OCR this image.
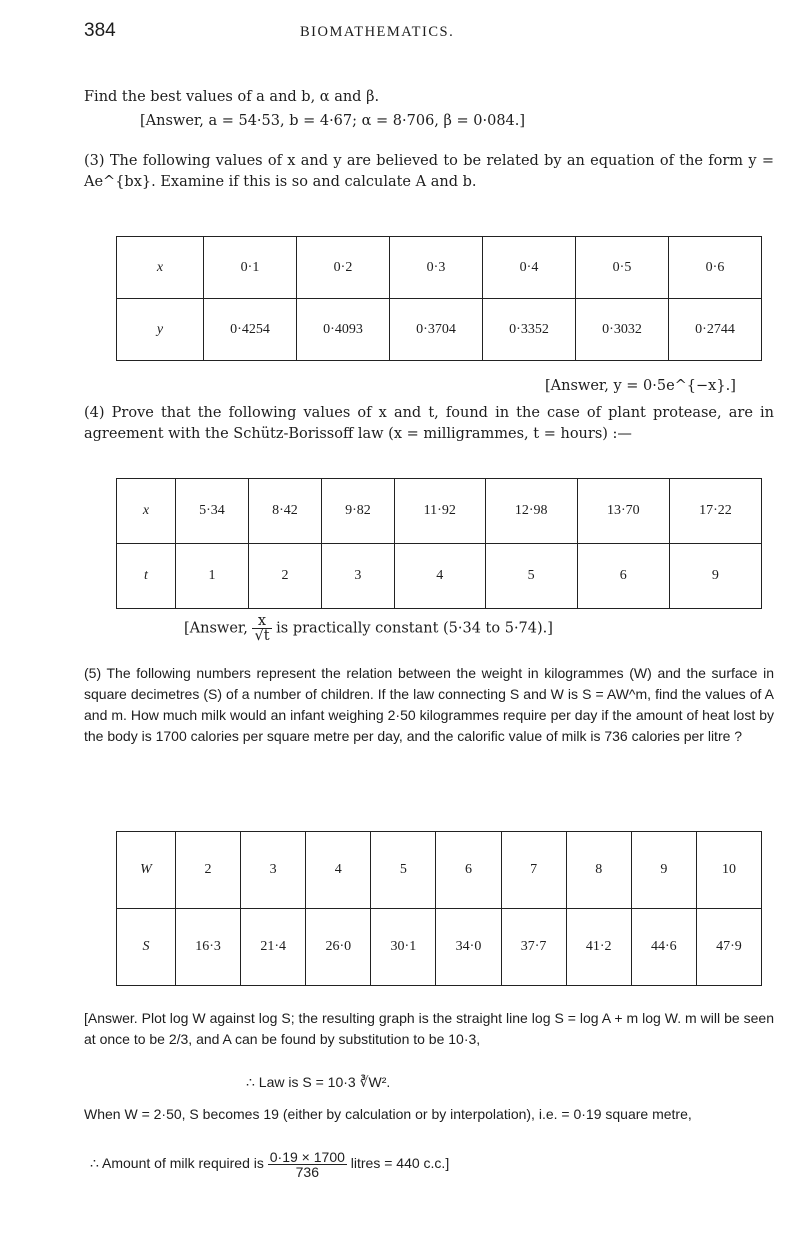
384	BIOMATHEMATICS.
Find the best values of a and b, α and β.
[Answer, a = 54·53, b = 4·67; α = 8·706, β = 0·084.]
(3) The following values of x and y are believed to be related by an equation of the form y = Ae^{bx}. Examine if this is so and calculate A and b.
x	0·1	0·2	0·3	0·4	0·5	0·6
y	0·4254	0·4093	0·3704	0·3352	0·3032	0·2744
[Answer, y = 0·5e^{−x}.]
(4) Prove that the following values of x and t, found in the case of plant protease, are in agreement with the Schütz-Borissoff law (x = milligrammes, t = hours) :—
x	5·34	8·42	9·82	11·92	12·98	13·70	17·22
t	1	2	3	4	5	6	9
[Answer, $\frac{x}{√t}$ is practically constant (5·34 to 5·74).]
(5) The following numbers represent the relation between the weight in kilogrammes (W) and the surface in square decimetres (S) of a number of children. If the law connecting S and W is S = AW^m, find the values of A and m. How much milk would an infant weighing 2·50 kilogrammes require per day if the amount of heat lost by the body is 1700 calories per square metre per day, and the calorific value of milk is 736 calories per litre ?
W	2	3	4	5	6	7	8	9	10
S	16·3	21·4	26·0	30·1	34·0	37·7	41·2	44·6	47·9
[Answer. Plot log W against log S; the resulting graph is the straight line log S = log A + m log W. m will be seen at once to be 2/3, and A can be found by substitution to be 10·3,
∴ Law is S = 10·3 ∛W².
When W = 2·50, S becomes 19 (either by calculation or by interpolation), i.e. = 0·19 square metre,
∴ Amount of milk required is $\frac{0\cdot 19 \times 1700}{736}$ litres = 440 c.c.]
